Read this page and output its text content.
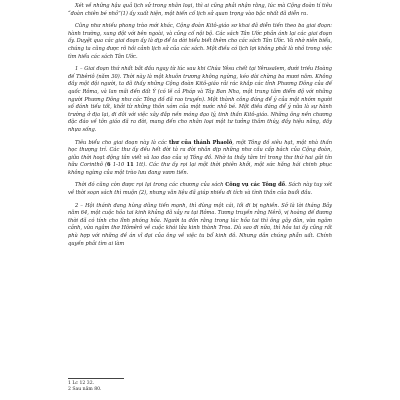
Xét về những hậu quả lịch sử trong nhân loại, thì ai cũng phải nhận rằng, lúc mà Cộng đoàn tí tiêu “đoàn chiên bé nhỏ”(1) ấy xuất hiện, một biến cố lịch sử quan trọng vào bậc nhất đã diễn ra.

Cũng như nhiều phong trào mới khác, Cộng đoàn Kitô-giáo sơ khai đã diễn tiến theo ba giai đoạn: hành trường, xung đột với bên ngoài, và củng cố nội bộ. Các sách Tân Ước phản ánh lại các giai đoạn ấy. Duyệt qua các giai đoạn ấy là dịp để ta dời hiểu biết thêm cho các sách Tân Ước. Và nhờ niên biểu, chúng ta cũng được rõ hồi cảnh lịch sử của các sách. Một điều có lịch lợi không phải là nhỏ trong việc tìm hiểu các sách Tân Ước.

1 – Giai đoạn thứ nhất bắt đầu ngay từ lúc sau khi Chúa Yêsu chết tại Yêrusalem, dưới triều Hoàng đế Tibêriô (năm 30). Thời này là một khuôn trương không ngừng, kéo dài chừng ba mươi năm. Không đầy một đội người, ta đã thấy những Cộng đoàn Kitô-giáo rải rác khắp các tỉnh Phương Đông của đế quốc Rôma, và lan mãi đến đất Ý (có lẽ cả Pháp và Tây Ban Nha, một trung tâm điểm độ với những người Phương Đông như các Tông đồ đã rao truyền). Một thành công đáng để ý của một nhóm người số đánh tiếu tốt, khởi từ những thôn xóm của một nước nhỏ bé. Một điều đáng để ý nữa là sự hành trường ở địa lại, đi đôi với việc xây đắp nền móng đạo lý, tinh thần Kitô-giáo. Những ông nền chương đặc đáo về tôn giáo đã ra đời, mang đến cho nhân loại một tư tưởng thâm thúy, đầy hiệu năng, đầy nhựa sống.

Tiêu biểu cho giai đoạn này là các thư của thánh Phaolô, một Tông đồ siêu hạt, một nhà thần học thượng trí. Các thư ấy đều hết đời tà ra đời nhân dịp những như cầu cấp bách của Cộng đoàn, giữa thời hoạt động tân viết và lao đao của vị Tông đồ. Nhờ ta thấy tâm trí trong thư thứ hai gửi tín hữu Corinthô (6 1-10 11 1tt). Các thư ấy rọi lại một thời phiên khởi, một sức hăng hái chinh phục không ngừng của một trào lưu đang vươn tiến.

Thời đó cũng còn được rọi lại trong các chương của sách Công vụ các Tông đồ. Sách này tuy xét về thời soạn sách thì muộn (2), nhưng văn liệu đã giúp nhiều đi tích và tình thần của buổi đầu.

2 – Hội thánh đang hùng dũng tiến mạnh, thì đùng một cái, lối đi bị nghiền. Sở là lời tháng Bảy năm 64, một cuộc hỏa tai kinh khủng đã xảy ra tại Rôma. Tương truyền rằng Nêrô, vị hoàng đế đương thời đã có tính cho lĩnh phóng hỏa. Người ta đồn rằng trong lúc hỏa tai thì ông gây đàn, vừa ngâm cảnh, vừa ngâm thơ Hômêrô về cuộc khói lửa kinh thành Troa. Dù sao đi nữa, thì hỏa tai ấy cũng rất phù hợp với những đề án vĩ đại của ông về việc tu bổ kinh đô. Nhưng dân chúng phẫn uất. Chính quyền phải tìm ai làm

1 Lc 12 32.
2 Sau năm 80.
